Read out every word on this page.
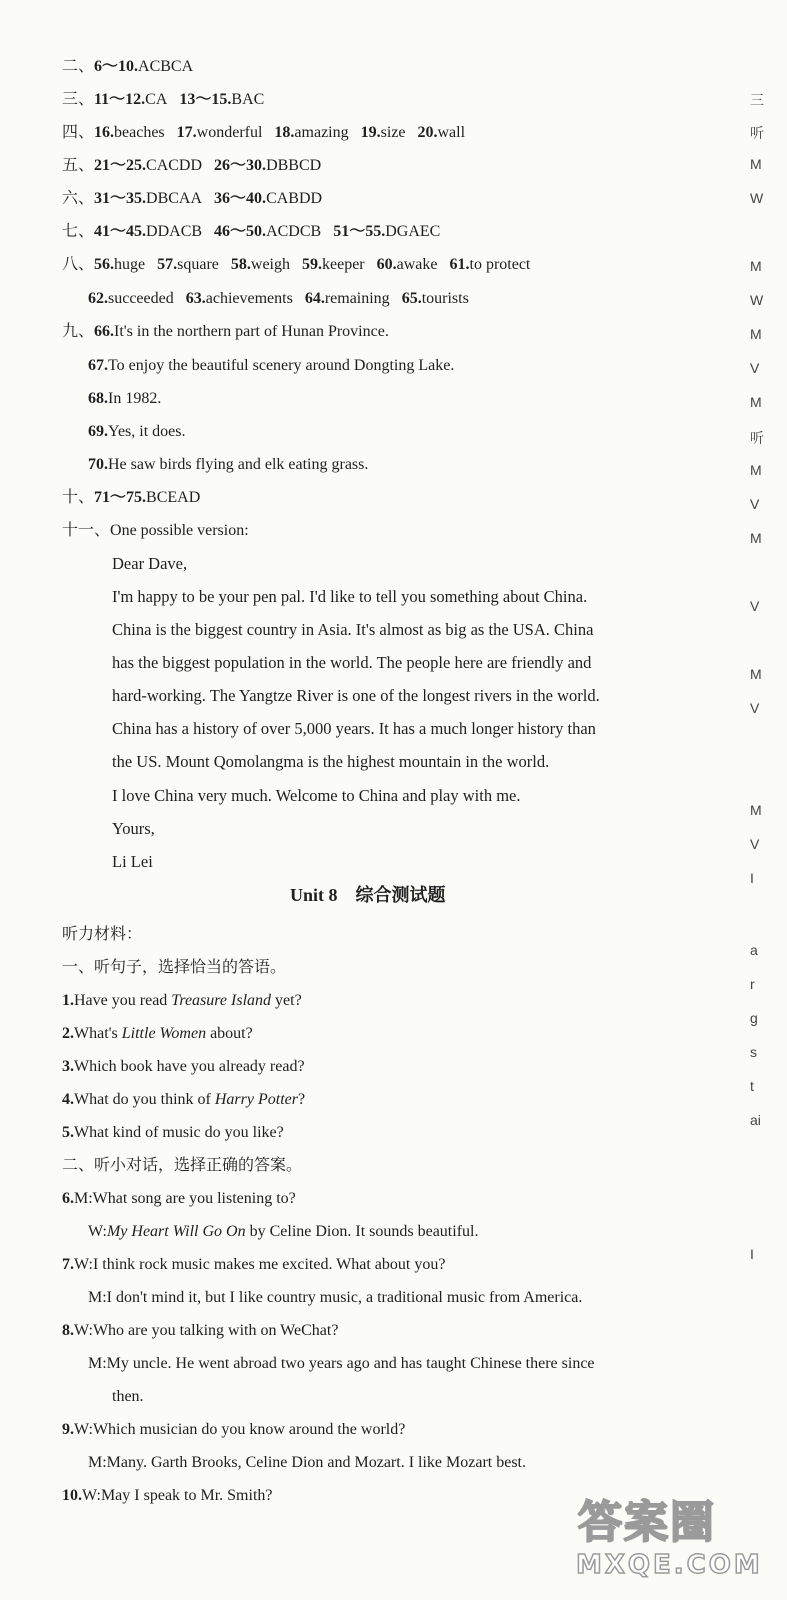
二、6～10.ACBCA
三、11～12.CA 13～15.BAC
四、16.beaches 17.wonderful 18.amazing 19.size 20.wall
五、21～25.CACDD 26～30.DBBCD
六、31～35.DBCAA 36～40.CABDD
七、41～45.DDACB 46～50.ACDCB 51～55.DGAEC
八、56.huge 57.square 58.weigh 59.keeper 60.awake 61.to protect
62.succeeded 63.achievements 64.remaining 65.tourists
九、66.It's in the northern part of Hunan Province.
67.To enjoy the beautiful scenery around Dongting Lake.
68.In 1982.
69.Yes, it does.
70.He saw birds flying and elk eating grass.
十、71～75.BCEAD
十一、One possible version:
Dear Dave,
I'm happy to be your pen pal. I'd like to tell you something about China.
China is the biggest country in Asia. It's almost as big as the USA. China
has the biggest population in the world. The people here are friendly and
hard-working. The Yangtze River is one of the longest rivers in the world.
China has a history of over 5,000 years. It has a much longer history than
the US. Mount Qomolangma is the highest mountain in the world.
I love China very much. Welcome to China and play with me.
Yours,
Li Lei
Unit 8　综合测试题
听力材料：
一、听句子，选择恰当的答语。
1.Have you read Treasure Island yet?
2.What's Little Women about?
3.Which book have you already read?
4.What do you think of Harry Potter?
5.What kind of music do you like?
二、听小对话，选择正确的答案。
6.M:What song are you listening to?
W:My Heart Will Go On by Celine Dion. It sounds beautiful.
7.W:I think rock music makes me excited. What about you?
M:I don't mind it, but I like country music, a traditional music from America.
8.W:Who are you talking with on WeChat?
M:My uncle. He went abroad two years ago and has taught Chinese there since
then.
9.W:Which musician do you know around the world?
M:Many. Garth Brooks, Celine Dion and Mozart. I like Mozart best.
10.W:May I speak to Mr. Smith?
三
听
M
W
M
W
M
V
M
听
M
V
M
V
M
V
M
V
I
a
r
g
s
t
ai
I
答案圈
MXQE.COM
